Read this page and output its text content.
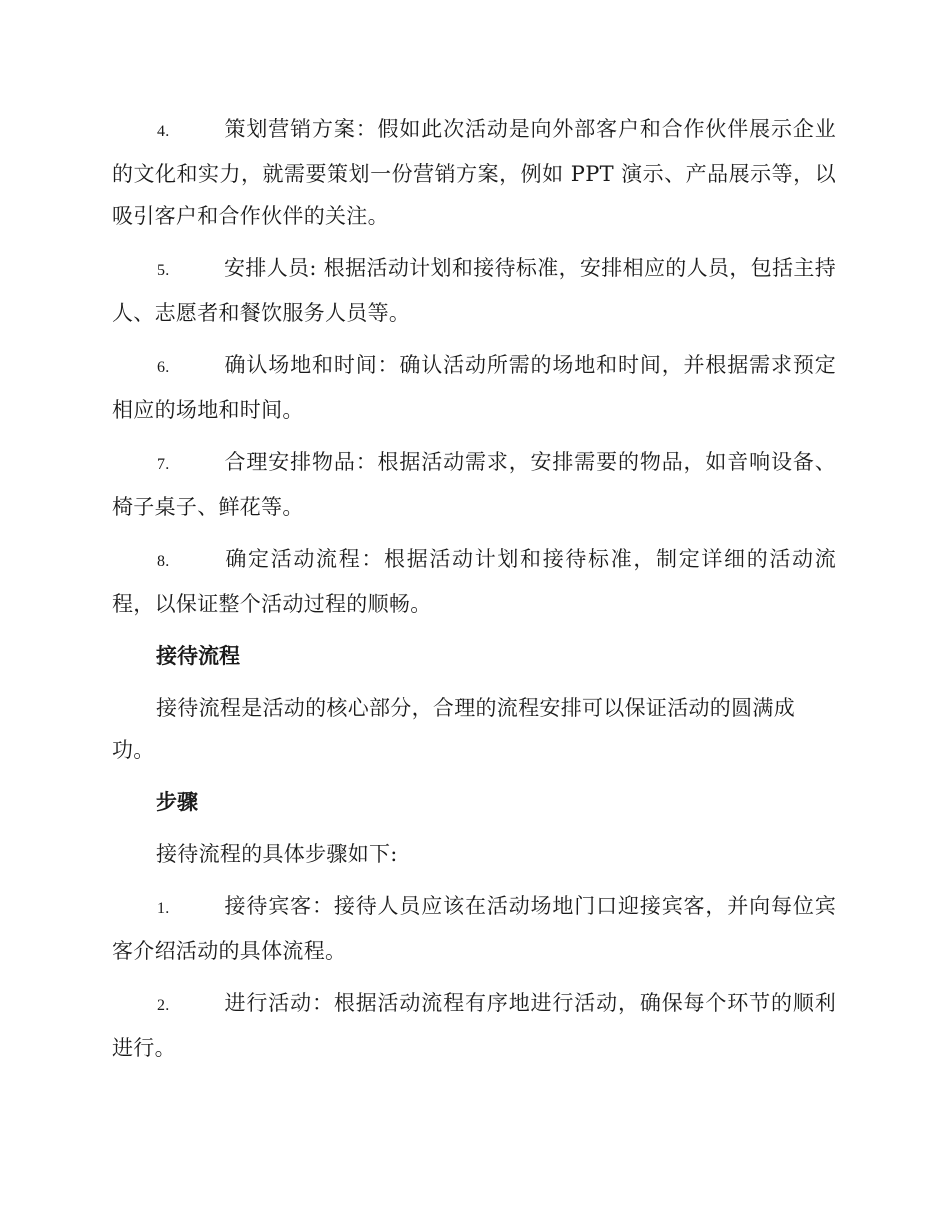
4.	策划营销方案：假如此次活动是向外部客户和合作伙伴展示企业的文化和实力，就需要策划一份营销方案，例如 PPT 演示、产品展示等，以吸引客户和合作伙伴的关注。
5.	安排人员: 根据活动计划和接待标准，安排相应的人员，包括主持人、志愿者和餐饮服务人员等。
6.	确认场地和时间：确认活动所需的场地和时间，并根据需求预定相应的场地和时间。
7.	合理安排物品：根据活动需求，安排需要的物品，如音响设备、椅子桌子、鲜花等。
8.	确定活动流程：根据活动计划和接待标准，制定详细的活动流程，以保证整个活动过程的顺畅。
接待流程
接待流程是活动的核心部分，合理的流程安排可以保证活动的圆满成功。
步骤
接待流程的具体步骤如下:
1.	接待宾客：接待人员应该在活动场地门口迎接宾客，并向每位宾客介绍活动的具体流程。
2.	进行活动：根据活动流程有序地进行活动，确保每个环节的顺利进行。
